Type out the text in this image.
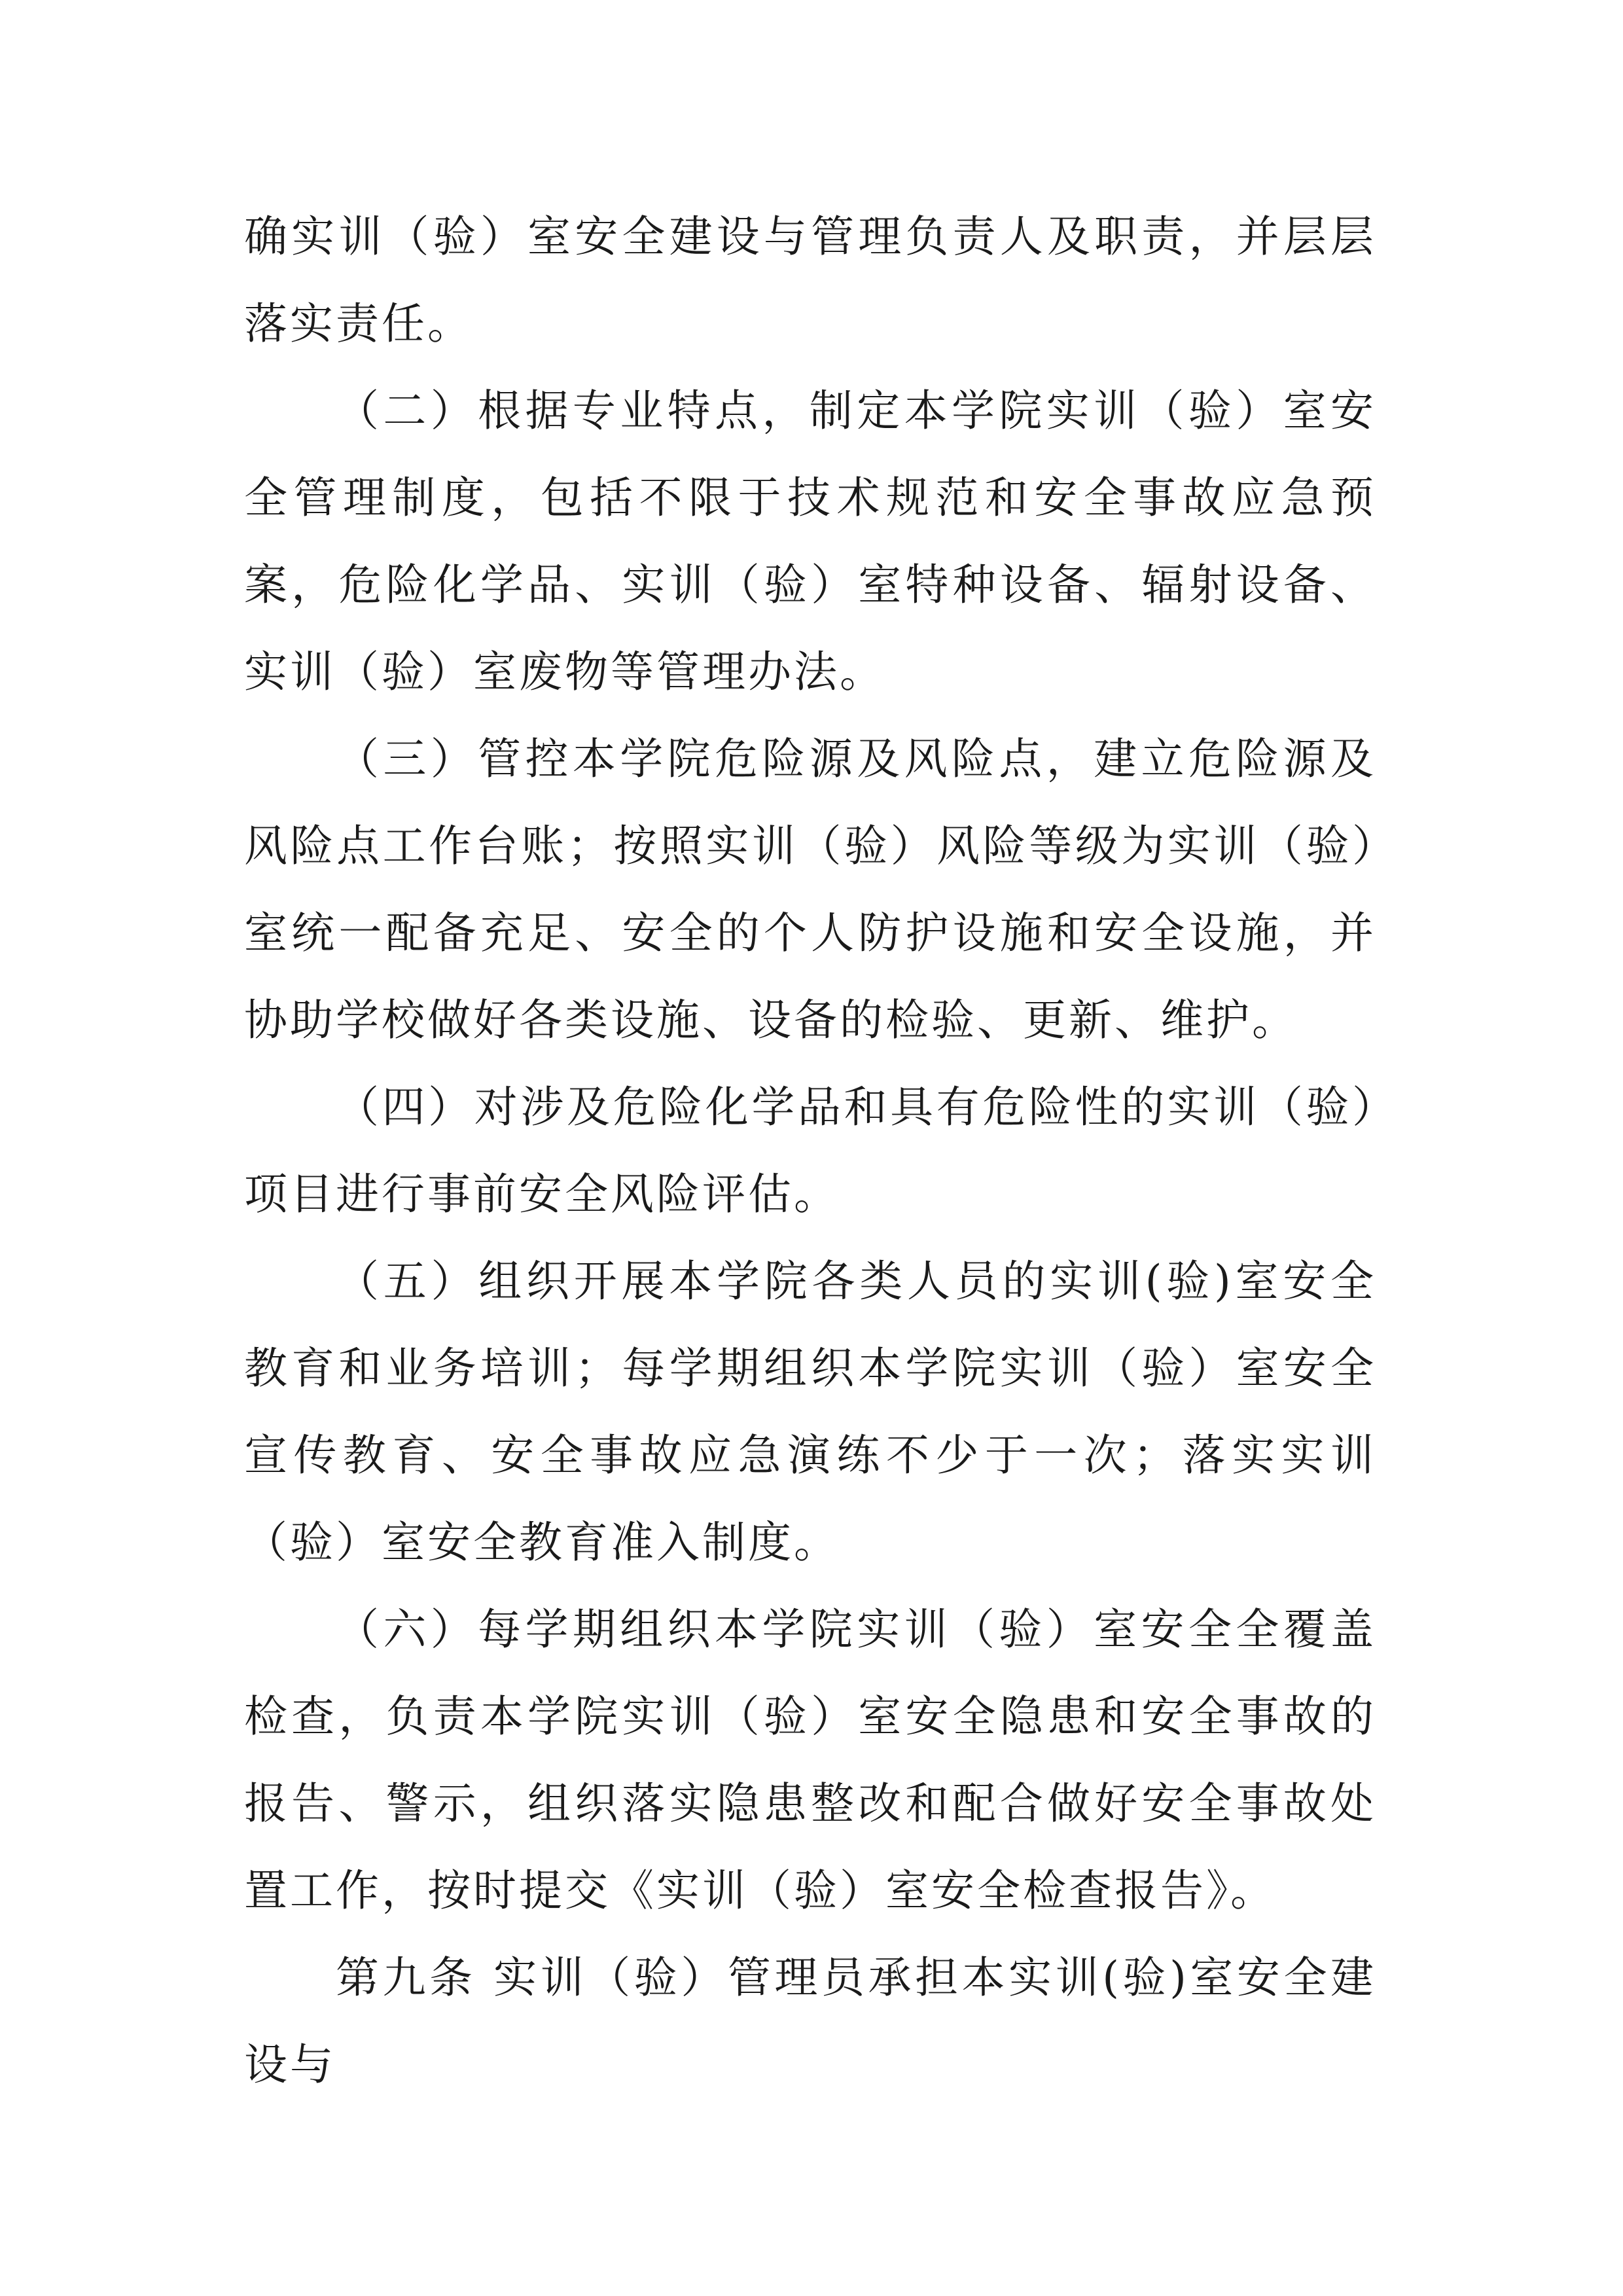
确实训（验）室安全建设与管理负责人及职责，并层层落实责任。

（二）根据专业特点，制定本学院实训（验）室安全管理制度，包括不限于技术规范和安全事故应急预案，危险化学品、实训（验）室特种设备、辐射设备、实训（验）室废物等管理办法。

（三）管控本学院危险源及风险点，建立危险源及风险点工作台账；按照实训（验）风险等级为实训（验）室统一配备充足、安全的个人防护设施和安全设施，并协助学校做好各类设施、设备的检验、更新、维护。

（四）对涉及危险化学品和具有危险性的实训（验）项目进行事前安全风险评估。

（五）组织开展本学院各类人员的实训(验)室安全教育和业务培训；每学期组织本学院实训（验）室安全宣传教育、安全事故应急演练不少于一次；落实实训（验）室安全教育准入制度。

（六）每学期组织本学院实训（验）室安全全覆盖检查，负责本学院实训（验）室安全隐患和安全事故的报告、警示，组织落实隐患整改和配合做好安全事故处置工作，按时提交《实训（验）室安全检查报告》。

第九条 实训（验）管理员承担本实训(验)室安全建设与
